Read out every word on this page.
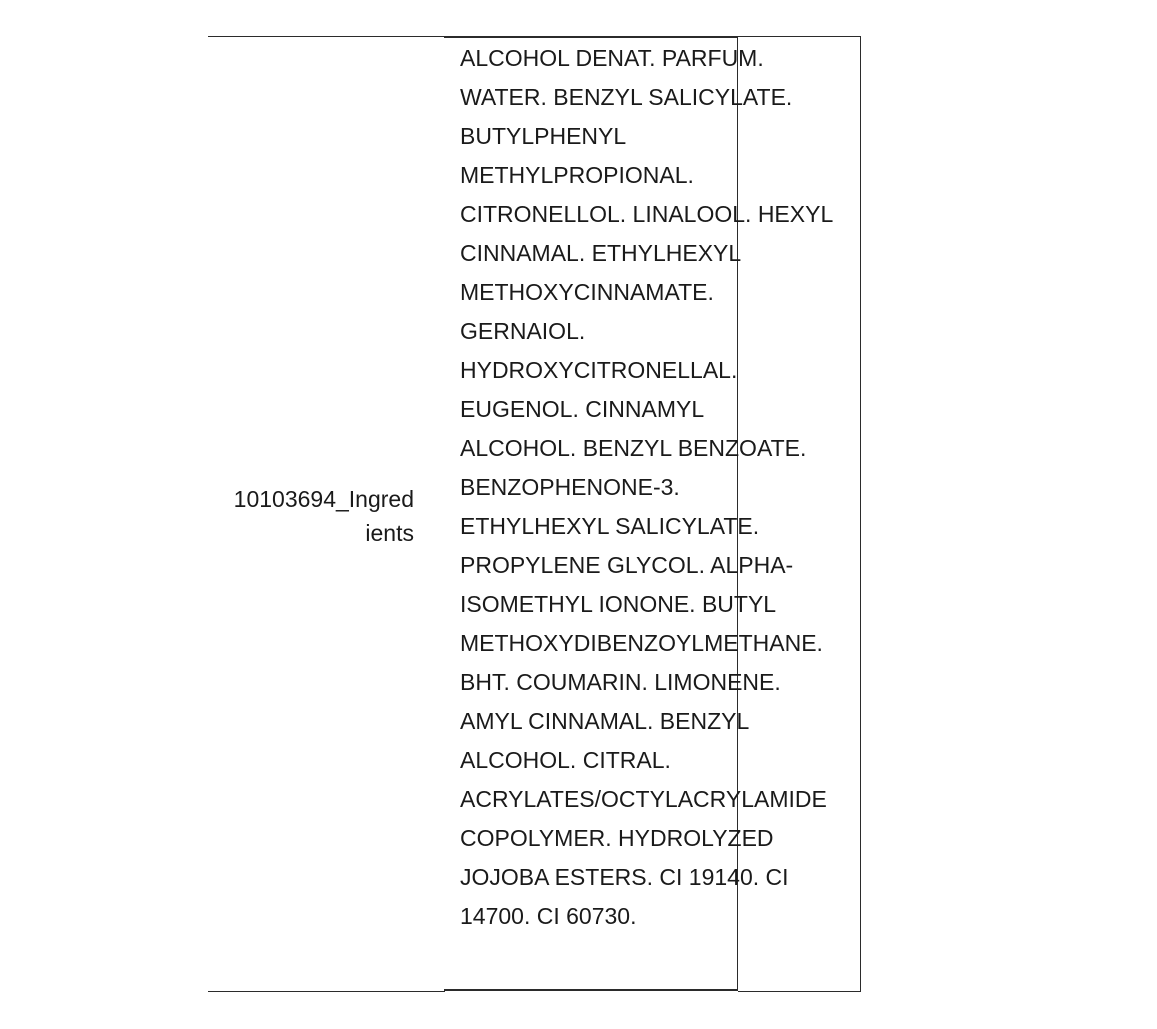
10103694_Ingredients
ALCOHOL DENAT. PARFUM.
WATER. BENZYL SALICYLATE.
BUTYLPHENYL
METHYLPROPIONAL.
CITRONELLOL. LINALOOL. HEXYL
CINNAMAL. ETHYLHEXYL
METHOXYCINNAMATE.
GERNAIOL.
HYDROXYCITRONELLAL.
EUGENOL. CINNAMYL
ALCOHOL. BENZYL BENZOATE.
BENZOPHENONE-3.
ETHYLHEXYL SALICYLATE.
PROPYLENE GLYCOL. ALPHA-
ISOMETHYL IONONE. BUTYL
METHOXYDIBENZOYLMETHANE.
BHT. COUMARIN. LIMONENE.
AMYL CINNAMAL. BENZYL
ALCOHOL. CITRAL.
ACRYLATES/OCTYLACRYLAMIDE
COPOLYMER. HYDROLYZED
JOJOBA ESTERS. CI 19140. CI
14700. CI 60730.
